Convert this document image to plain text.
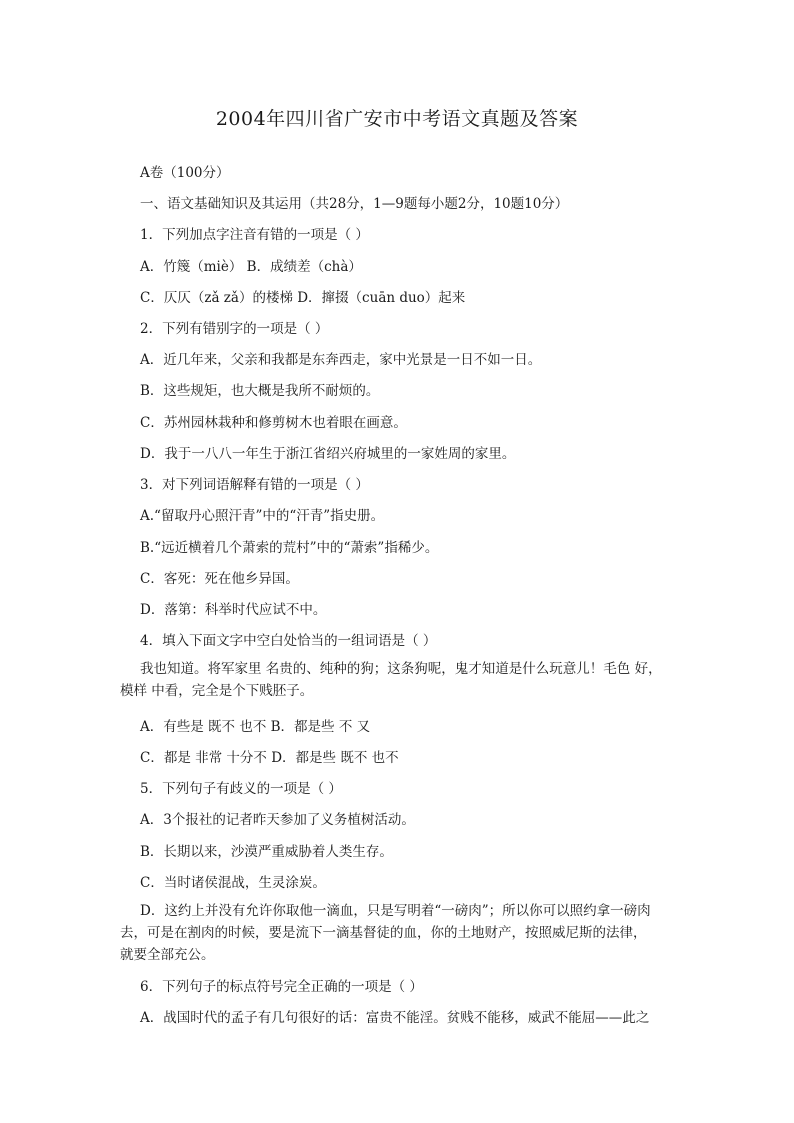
2004年四川省广安市中考语文真题及答案
A卷（100分）
一、语文基础知识及其运用（共28分，1—9题每小题2分，10题10分）
1．下列加点字注音有错的一项是（ ）
A．竹篾（miè） B．成绩差（chà）
C．仄仄（zǎ zǎ）的楼梯 D．撺掇（cuān duo）起来
2．下列有错别字的一项是（ ）
A．近几年来，父亲和我都是东奔西走，家中光景是一日不如一日。
B．这些规矩，也大概是我所不耐烦的。
C．苏州园林栽种和修剪树木也着眼在画意。
D．我于一八八一年生于浙江省绍兴府城里的一家姓周的家里。
3．对下列词语解释有错的一项是（ ）
A.“留取丹心照汗青”中的“汗青”指史册。
B.“远近横着几个萧索的荒村”中的“萧索”指稀少。
C．客死：死在他乡异国。
D．落第：科举时代应试不中。
4．填入下面文字中空白处恰当的一组词语是（ ）
我也知道。将军家里 名贵的、纯种的狗；这条狗呢，鬼才知道是什么玩意儿！毛色 好，
模样 中看，完全是个下贱胚子。
A．有些是 既不 也不 B．都是些 不 又
C．都是 非常 十分不 D．都是些 既不 也不
5．下列句子有歧义的一项是（ ）
A．3个报社的记者昨天参加了义务植树活动。
B．长期以来，沙漠严重威胁着人类生存。
C．当时诸侯混战，生灵涂炭。
D．这约上并没有允许你取他一滴血，只是写明着“一磅肉”；所以你可以照约拿一磅肉
去，可是在割肉的时候，要是流下一滴基督徒的血，你的土地财产，按照威尼斯的法律，
就要全部充公。
6．下列句子的标点符号完全正确的一项是（ ）
A．战国时代的孟子有几句很好的话：富贵不能淫。贫贱不能移，威武不能屈——此之
